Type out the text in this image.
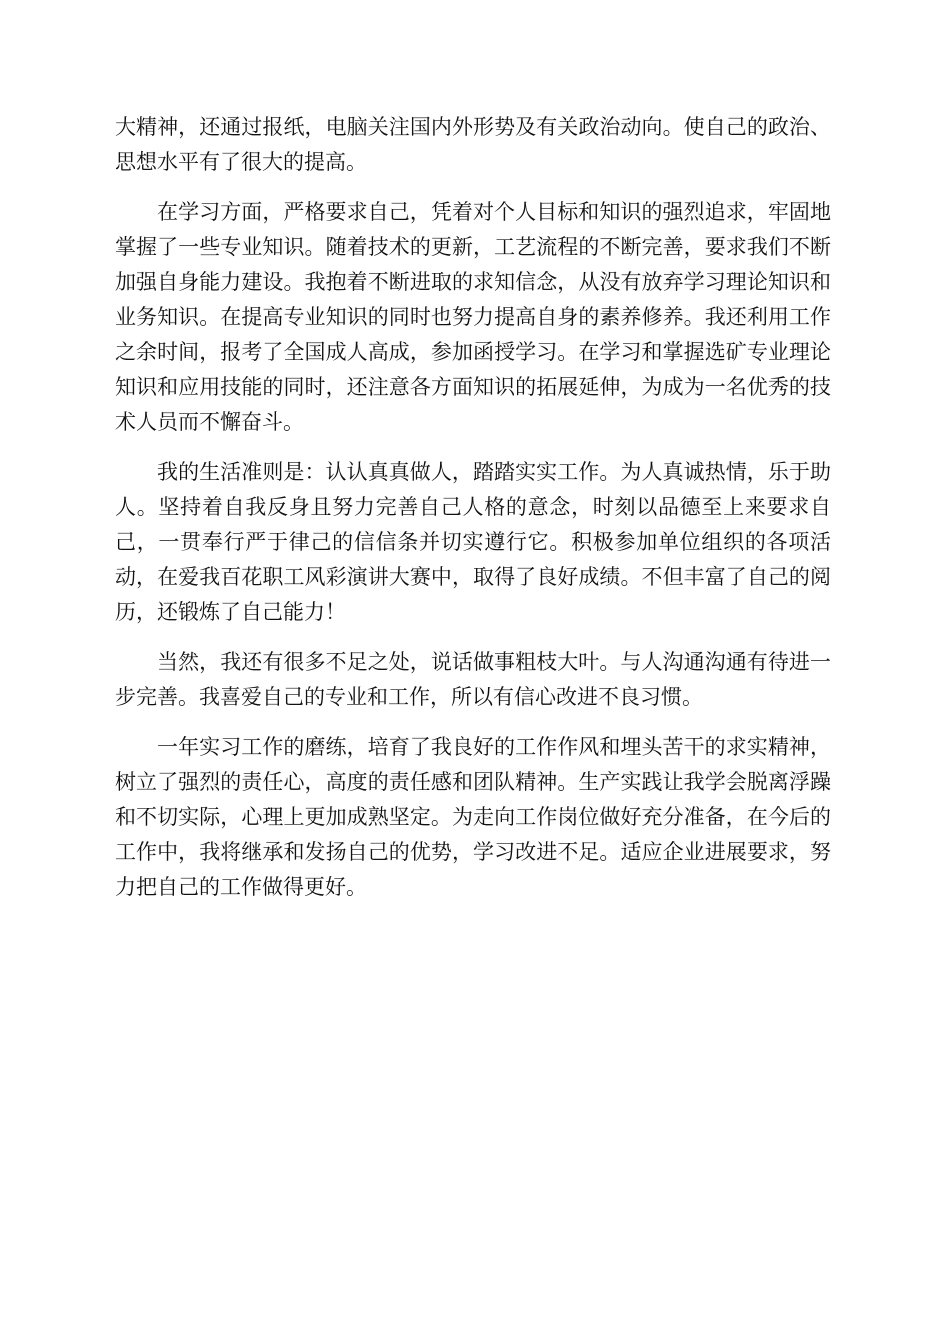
大精神，还通过报纸，电脑关注国内外形势及有关政治动向。使自己的政治、思想水平有了很大的提高。

在学习方面，严格要求自己，凭着对个人目标和知识的强烈追求，牢固地掌握了一些专业知识。随着技术的更新，工艺流程的不断完善，要求我们不断加强自身能力建设。我抱着不断进取的求知信念，从没有放弃学习理论知识和业务知识。在提高专业知识的同时也努力提高自身的素养修养。我还利用工作之余时间，报考了全国成人高成，参加函授学习。在学习和掌握选矿专业理论知识和应用技能的同时，还注意各方面知识的拓展延伸，为成为一名优秀的技术人员而不懈奋斗。

我的生活准则是：认认真真做人，踏踏实实工作。为人真诚热情，乐于助人。坚持着自我反身且努力完善自己人格的意念，时刻以品德至上来要求自己，一贯奉行严于律己的信信条并切实遵行它。积极参加单位组织的各项活动，在爱我百花职工风彩演讲大赛中，取得了良好成绩。不但丰富了自己的阅历，还锻炼了自己能力！

当然，我还有很多不足之处，说话做事粗枝大叶。与人沟通沟通有待进一步完善。我喜爱自己的专业和工作，所以有信心改进不良习惯。

一年实习工作的磨练，培育了我良好的工作作风和埋头苦干的求实精神，树立了强烈的责任心，高度的责任感和团队精神。生产实践让我学会脱离浮躁和不切实际，心理上更加成熟坚定。为走向工作岗位做好充分准备，在今后的工作中，我将继承和发扬自己的优势，学习改进不足。适应企业进展要求，努力把自己的工作做得更好。
